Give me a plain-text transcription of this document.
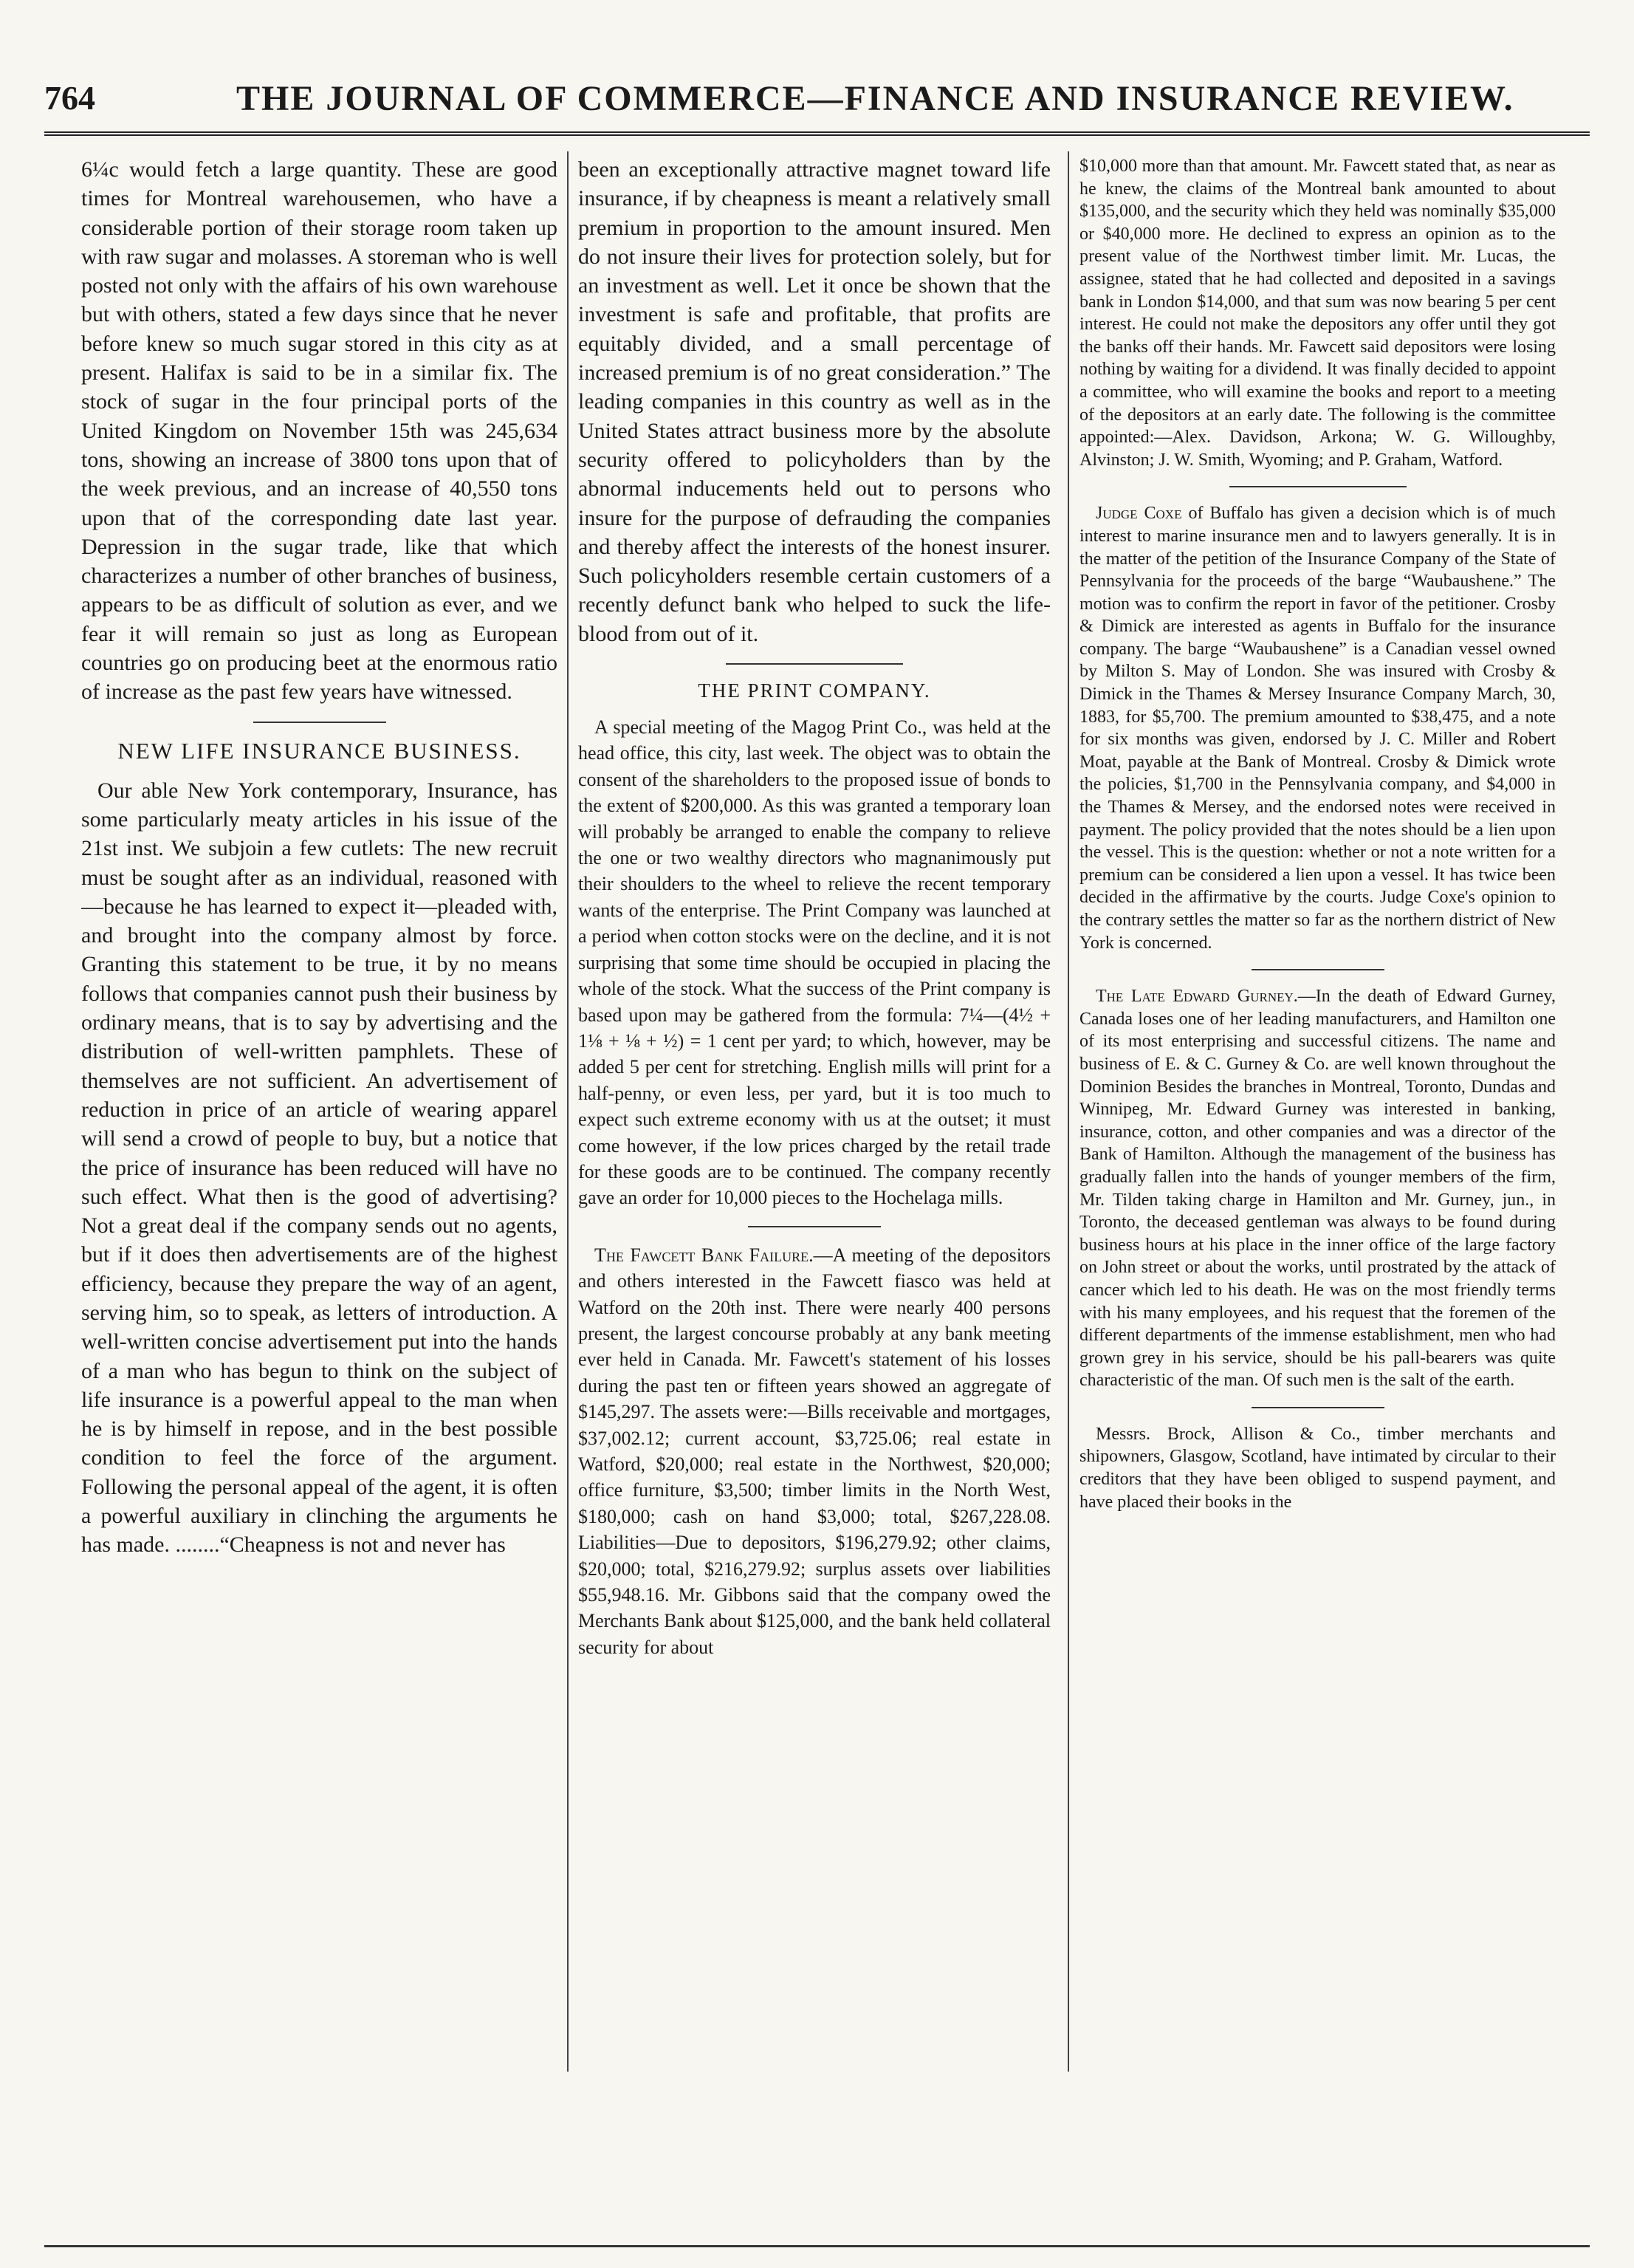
764	THE JOURNAL OF COMMERCE—FINANCE AND INSURANCE REVIEW.

6¼c would fetch a large quantity. These are good times for Montreal warehousemen, who have a considerable portion of their storage room taken up with raw sugar and molasses. A storeman who is well posted not only with the affairs of his own warehouse but with others, stated a few days since that he never before knew so much sugar stored in this city as at present. Halifax is said to be in a similar fix. The stock of sugar in the four principal ports of the United Kingdom on November 15th was 245,634 tons, showing an increase of 3800 tons upon that of the week previous, and an increase of 40,550 tons upon that of the corresponding date last year. Depression in the sugar trade, like that which characterizes a number of other branches of business, appears to be as difficult of solution as ever, and we fear it will remain so just as long as European countries go on producing beet at the enormous ratio of increase as the past few years have witnessed.

NEW LIFE INSURANCE BUSINESS.

Our able New York contemporary, Insurance, has some particularly meaty articles in his issue of the 21st inst. We subjoin a few cutlets: The new recruit must be sought after as an individual, reasoned with—because he has learned to expect it—pleaded with, and brought into the company almost by force. Granting this statement to be true, it by no means follows that companies cannot push their business by ordinary means, that is to say by advertising and the distribution of well-written pamphlets. These of themselves are not sufficient. An advertisement of reduction in price of an article of wearing apparel will send a crowd of people to buy, but a notice that the price of insurance has been reduced will have no such effect. What then is the good of advertising? Not a great deal if the company sends out no agents, but if it does then advertisements are of the highest efficiency, because they prepare the way of an agent, serving him, so to speak, as letters of introduction. A well-written concise advertisement put into the hands of a man who has begun to think on the subject of life insurance is a powerful appeal to the man when he is by himself in repose, and in the best possible condition to feel the force of the argument. Following the personal appeal of the agent, it is often a powerful auxiliary in clinching the arguments he has made. ........“Cheapness is not and never has

been an exceptionally attractive magnet toward life insurance, if by cheapness is meant a relatively small premium in proportion to the amount insured. Men do not insure their lives for protection solely, but for an investment as well. Let it once be shown that the investment is safe and profitable, that profits are equitably divided, and a small percentage of increased premium is of no great consideration.” The leading companies in this country as well as in the United States attract business more by the absolute security offered to policyholders than by the abnormal inducements held out to persons who insure for the purpose of defrauding the companies and thereby affect the interests of the honest insurer. Such policyholders resemble certain customers of a recently defunct bank who helped to suck the life-blood from out of it.

THE PRINT COMPANY.

A special meeting of the Magog Print Co., was held at the head office, this city, last week. The object was to obtain the consent of the shareholders to the proposed issue of bonds to the extent of $200,000. As this was granted a temporary loan will probably be arranged to enable the company to relieve the one or two wealthy directors who magnanimously put their shoulders to the wheel to relieve the recent temporary wants of the enterprise. The Print Company was launched at a period when cotton stocks were on the decline, and it is not surprising that some time should be occupied in placing the whole of the stock. What the success of the Print company is based upon may be gathered from the formula: 7¼—(4½ + 1⅛ + ⅛ + ½) = 1 cent per yard; to which, however, may be added 5 per cent for stretching. English mills will print for a half-penny, or even less, per yard, but it is too much to expect such extreme economy with us at the outset; it must come however, if the low prices charged by the retail trade for these goods are to be continued. The company recently gave an order for 10,000 pieces to the Hochelaga mills.

The Fawcett Bank Failure.—A meeting of the depositors and others interested in the Fawcett fiasco was held at Watford on the 20th inst. There were nearly 400 persons present, the largest concourse probably at any bank meeting ever held in Canada. Mr. Fawcett's statement of his losses during the past ten or fifteen years showed an aggregate of $145,297. The assets were:—Bills receivable and mortgages, $37,002.12; current account, $3,725.06; real estate in Watford, $20,000; real estate in the Northwest, $20,000; office furniture, $3,500; timber limits in the North West, $180,000; cash on hand $3,000; total, $267,228.08. Liabilities—Due to depositors, $196,279.92; other claims, $20,000; total, $216,279.92; surplus assets over liabilities $55,948.16. Mr. Gibbons said that the company owed the Merchants Bank about $125,000, and the bank held collateral security for about

$10,000 more than that amount. Mr. Fawcett stated that, as near as he knew, the claims of the Montreal bank amounted to about $135,000, and the security which they held was nominally $35,000 or $40,000 more. He declined to express an opinion as to the present value of the Northwest timber limit. Mr. Lucas, the assignee, stated that he had collected and deposited in a savings bank in London $14,000, and that sum was now bearing 5 per cent interest. He could not make the depositors any offer until they got the banks off their hands. Mr. Fawcett said depositors were losing nothing by waiting for a dividend. It was finally decided to appoint a committee, who will examine the books and report to a meeting of the depositors at an early date. The following is the committee appointed:—Alex. Davidson, Arkona; W. G. Willoughby, Alvinston; J. W. Smith, Wyoming; and P. Graham, Watford.

Judge Coxe of Buffalo has given a decision which is of much interest to marine insurance men and to lawyers generally. It is in the matter of the petition of the Insurance Company of the State of Pennsylvania for the proceeds of the barge “Waubaushene.” The motion was to confirm the report in favor of the petitioner. Crosby & Dimick are interested as agents in Buffalo for the insurance company. The barge “Waubaushene” is a Canadian vessel owned by Milton S. May of London. She was insured with Crosby & Dimick in the Thames & Mersey Insurance Company March, 30, 1883, for $5,700. The premium amounted to $38,475, and a note for six months was given, endorsed by J. C. Miller and Robert Moat, payable at the Bank of Montreal. Crosby & Dimick wrote the policies, $1,700 in the Pennsylvania company, and $4,000 in the Thames & Mersey, and the endorsed notes were received in payment. The policy provided that the notes should be a lien upon the vessel. This is the question: whether or not a note written for a premium can be considered a lien upon a vessel. It has twice been decided in the affirmative by the courts. Judge Coxe's opinion to the contrary settles the matter so far as the northern district of New York is concerned.

The Late Edward Gurney.—In the death of Edward Gurney, Canada loses one of her leading manufacturers, and Hamilton one of its most enterprising and successful citizens. The name and business of E. & C. Gurney & Co. are well known throughout the Dominion Besides the branches in Montreal, Toronto, Dundas and Winnipeg, Mr. Edward Gurney was interested in banking, insurance, cotton, and other companies and was a director of the Bank of Hamilton. Although the management of the business has gradually fallen into the hands of younger members of the firm, Mr. Tilden taking charge in Hamilton and Mr. Gurney, jun., in Toronto, the deceased gentleman was always to be found during business hours at his place in the inner office of the large factory on John street or about the works, until prostrated by the attack of cancer which led to his death. He was on the most friendly terms with his many employees, and his request that the foremen of the different departments of the immense establishment, men who had grown grey in his service, should be his pall-bearers was quite characteristic of the man. Of such men is the salt of the earth.

Messrs. Brock, Allison & Co., timber merchants and shipowners, Glasgow, Scotland, have intimated by circular to their creditors that they have been obliged to suspend payment, and have placed their books in the
